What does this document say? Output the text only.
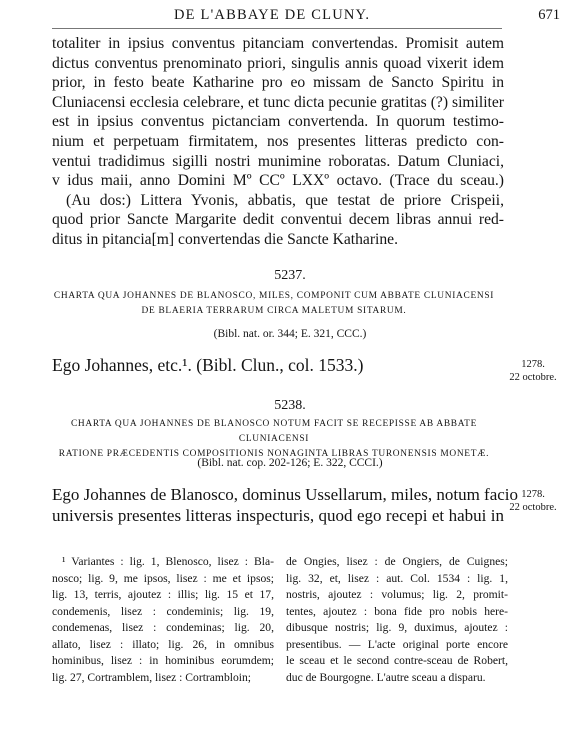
DE L'ABBAYE DE CLUNY.	671
totaliter in ipsius conventus pitanciam convertendas. Promisit autem
dictus conventus prenominato priori, singulis annis quoad vixerit idem
prior, in festo beate Katharine pro eo missam de Sancto Spiritu in
Cluniacensi ecclesia celebrare, et tunc dicta pecunie gratitas (?) similiter
est in ipsius conventus pictanciam convertenda. In quorum testimo-
nium et perpetuam firmitatem, nos presentes litteras predicto con-
ventui tradidimus sigilli nostri munimine roboratas. Datum Cluniaci,
v idus maii, anno Domini Mº CCº LXXº octavo. (Trace du sceau.)
(Au dos:) Littera Yvonis, abbatis, que testat de priore Crispeii,
quod prior Sancte Margarite dedit conventui decem libras annui red-
ditus in pitancia[m] convertendas die Sancte Katharine.
5237.
CHARTA QUA JOHANNES DE BLANOSCO, MILES, COMPONIT CUM ABBATE CLUNIACENSI
DE BLAERIA TERRARUM CIRCA MALETUM SITARUM.
(Bibl. nat. or. 344; E. 321, CCC.)
Ego Johannes, etc.¹. (Bibl. Clun., col. 1533.)	1278.
22 octobre.
5238.
CHARTA QUA JOHANNES DE BLANOSCO NOTUM FACIT SE RECEPISSE AB ABBATE CLUNIACENSI
RATIONE PRÆCEDENTIS COMPOSITIONIS NONAGINTA LIBRAS TURONENSIS MONETÆ.
(Bibl. nat. cop. 202-126; E. 322, CCCI.)
Ego Johannes de Blanosco, dominus Ussellarum, miles, notum facio
universis presentes litteras inspecturis, quod ego recepi et habui in
1278.
22 octobre.
¹ Variantes : lig. 1, Blenosco, lisez : Bla-
nosco; lig. 9, me ipsos, lisez : me et ipsos;
lig. 13, terris, ajoutez : illis; lig. 15 et 17,
condemenis, lisez : condeminis; lig. 19,
condemenas, lisez : condeminas; lig. 20,
allato, lisez : illato; lig. 26, in omnibus
hominibus, lisez : in hominibus eorumdem;
lig. 27, Cortramblem, lisez : Cortrambloin;
de Ongies, lisez : de Ongiers, de Cuignes;
lig. 32, et, lisez : aut. Col. 1534 : lig. 1,
nostris, ajoutez : volumus; lig. 2, promit-
tentes, ajoutez : bona fide pro nobis here-
dibusque nostris; lig. 9, duximus, ajoutez :
presentibus. — L'acte original porte encore
le sceau et le second contre-sceau de Robert,
duc de Bourgogne. L'autre sceau a disparu.
